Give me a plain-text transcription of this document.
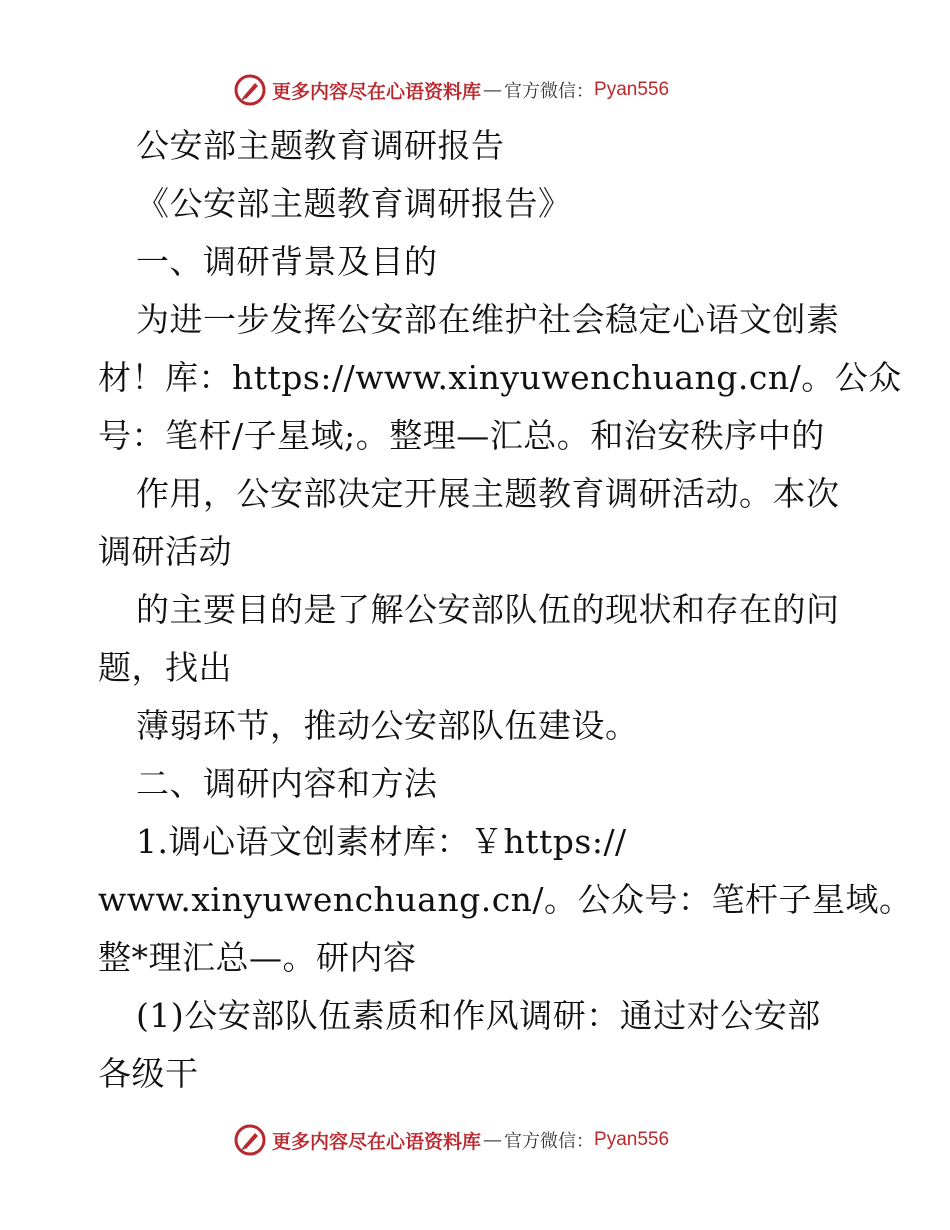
更多内容尽在心语资料库 — 官方微信： Pyan556
公安部主题教育调研报告
《公安部主题教育调研报告》
一、调研背景及目的
为进一步发挥公安部在维护社会稳定心语文创素
材！库：https://www.xinyuwenchuang.cn/。公众
号：笔杆/子星域;。整理—汇总。和治安秩序中的
作用，公安部决定开展主题教育调研活动。本次
调研活动
的主要目的是了解公安部队伍的现状和存在的问
题，找出
薄弱环节，推动公安部队伍建设。
二、调研内容和方法
1.调心语文创素材库：￥https://
www.xinyuwenchuang.cn/。公众号：笔杆子星域。
整*理汇总—。研内容
(1)公安部队伍素质和作风调研：通过对公安部
各级干
更多内容尽在心语资料库 — 官方微信： Pyan556
